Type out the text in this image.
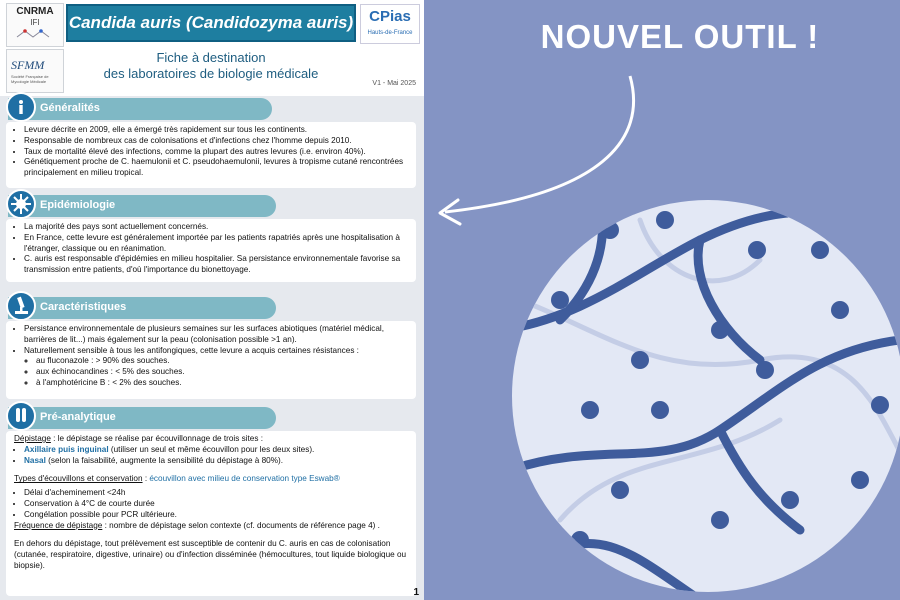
CNRMA
IFI
SFMM
Société Française de Mycologie Médicale
Candida auris (Candidozyma auris)	CPias
Hauts-de-France
Fiche à destination
des laboratoires de biologie médicale
V1 - Mai 2025
Généralités
• Levure décrite en 2009, elle a émergé très rapidement sur tous les continents.
• Responsable de nombreux cas de colonisations et d'infections chez l'homme depuis 2010.
• Taux de mortalité élevé des infections, comme la plupart des autres levures (i.e. environ 40%).
• Génétiquement proche de C. haemulonii et C. pseudohaemulonii, levures à tropisme cutané rencontrées principalement en milieu tropical.
Epidémiologie
• La majorité des pays sont actuellement concernés.
• En France, cette levure est généralement importée par les patients rapatriés après une hospitalisation à l'étranger, classique ou en réanimation.
• C. auris est responsable d'épidémies en milieu hospitalier. Sa persistance environnementale favorise sa transmission entre patients, d'où l'importance du bionettoyage.
Caractéristiques
• Persistance environnementale de plusieurs semaines sur les surfaces abiotiques (matériel médical, barrières de lit...) mais également sur la peau (colonisation possible >1 an).
• Naturellement sensible à tous les antifongiques, cette levure a acquis certaines résistances :
◦ au fluconazole : > 90% des souches.
◦ aux échinocandines : < 5% des souches.
◦ à l'amphotéricine B : < 2% des souches.
Pré-analytique
Dépistage : le dépistage se réalise par écouvillonnage de trois sites :
• Axillaire puis inguinal (utiliser un seul et même écouvillon pour les deux sites).
• Nasal (selon la faisabilité, augmente la sensibilité du dépistage à 80%).
Types d'écouvillons et conservation : écouvillon avec milieu de conservation type Eswab®
• Délai d'acheminement <24h
• Conservation à 4°C de courte durée
• Congélation possible pour PCR ultérieure.
Fréquence de dépistage : nombre de dépistage selon contexte (cf. documents de référence page 4) .
En dehors du dépistage, tout prélèvement est susceptible de contenir du C. auris en cas de colonisation (cutanée, respiratoire, digestive, urinaire) ou d'infection disséminée (hémocultures, tout liquide biologique ou biopsie).
1
NOUVEL OUTIL !
